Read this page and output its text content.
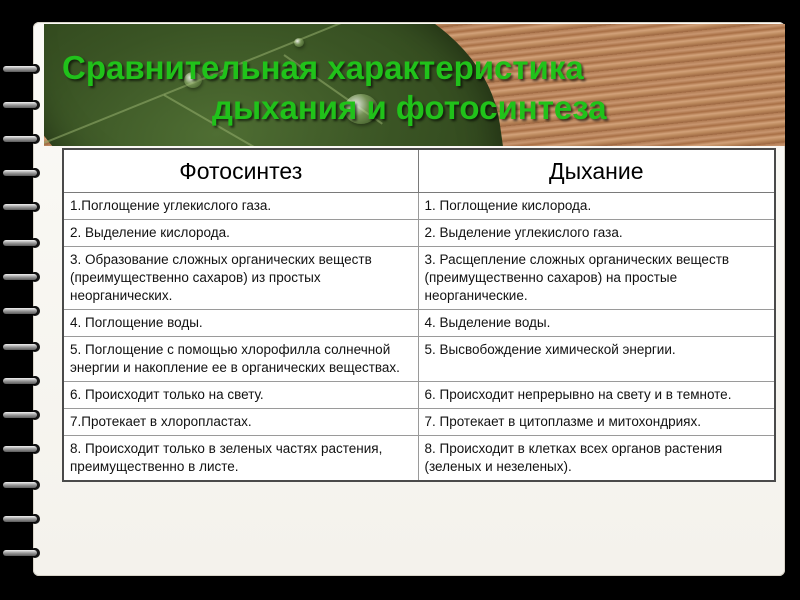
Сравнительная характеристика
дыхания и фотосинтеза
Фотосинтез	Дыхание
1.Поглощение углекислого газа.	1. Поглощение кислорода.
2. Выделение кислорода.	2. Выделение углекислого газа.
3. Образование сложных органических веществ (преимущественно сахаров) из простых неорганических.	3. Расщепление сложных органических веществ (преимущественно сахаров) на простые неорганические.
4. Поглощение воды.	4. Выделение воды.
5. Поглощение с помощью хлорофилла солнечной энергии и накопление ее в органических веществах.	5. Высвобождение химической энергии.
6. Происходит только на свету.	6. Происходит непрерывно на свету и в темноте.
7.Протекает в хлоропластах.	7. Протекает в цитоплазме и митохондриях.
8. Происходит только в зеленых частях растения, преимущественно в листе.	8. Происходит в клетках всех органов растения (зеленых и незеленых).
